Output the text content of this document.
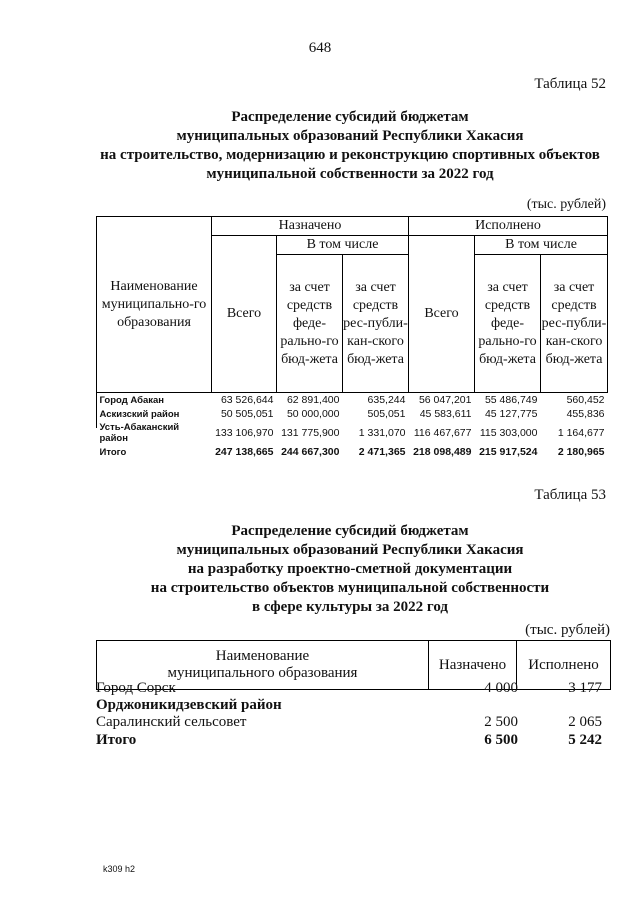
648
Таблица 52
Распределение субсидий бюджетам
муниципальных образований Республики Хакасия
на строительство, модернизацию и реконструкцию спортивных объектов
муниципальной собственности за 2022 год
(тыс. рублей)
Наименование муниципально-го образования	Назначено			Исполнено		
	Всего	В том числе		Всего	В том числе	
		за счет средств феде-рально-го бюд-жета	за счет средств рес-публи-кан-ского бюд-жета		за счет средств феде-рально-го бюд-жета	за счет средств рес-публи-кан-ского бюд-жета
Город Абакан	63 526,644	62 891,400	635,244	56 047,201	55 486,749	560,452
Аскизский район	50 505,051	50 000,000	505,051	45 583,611	45 127,775	455,836
Усть-Абаканский район	133 106,970	131 775,900	1 331,070	116 467,677	115 303,000	1 164,677
Итого	247 138,665	244 667,300	2 471,365	218 098,489	215 917,524	2 180,965
Таблица 53
Распределение субсидий бюджетам
муниципальных образований Республики Хакасия
на разработку проектно-сметной документации
на строительство объектов муниципальной собственности
в сфере культуры за 2022 год
(тыс. рублей)
Наименование
муниципального образования
	Назначено	Исполнено
Город Сорск	4 000	3 177
Орджоникидзевский район
Саралинский сельсовет	2 500	2 065
Итого	6 500	5 242
k309 h2
